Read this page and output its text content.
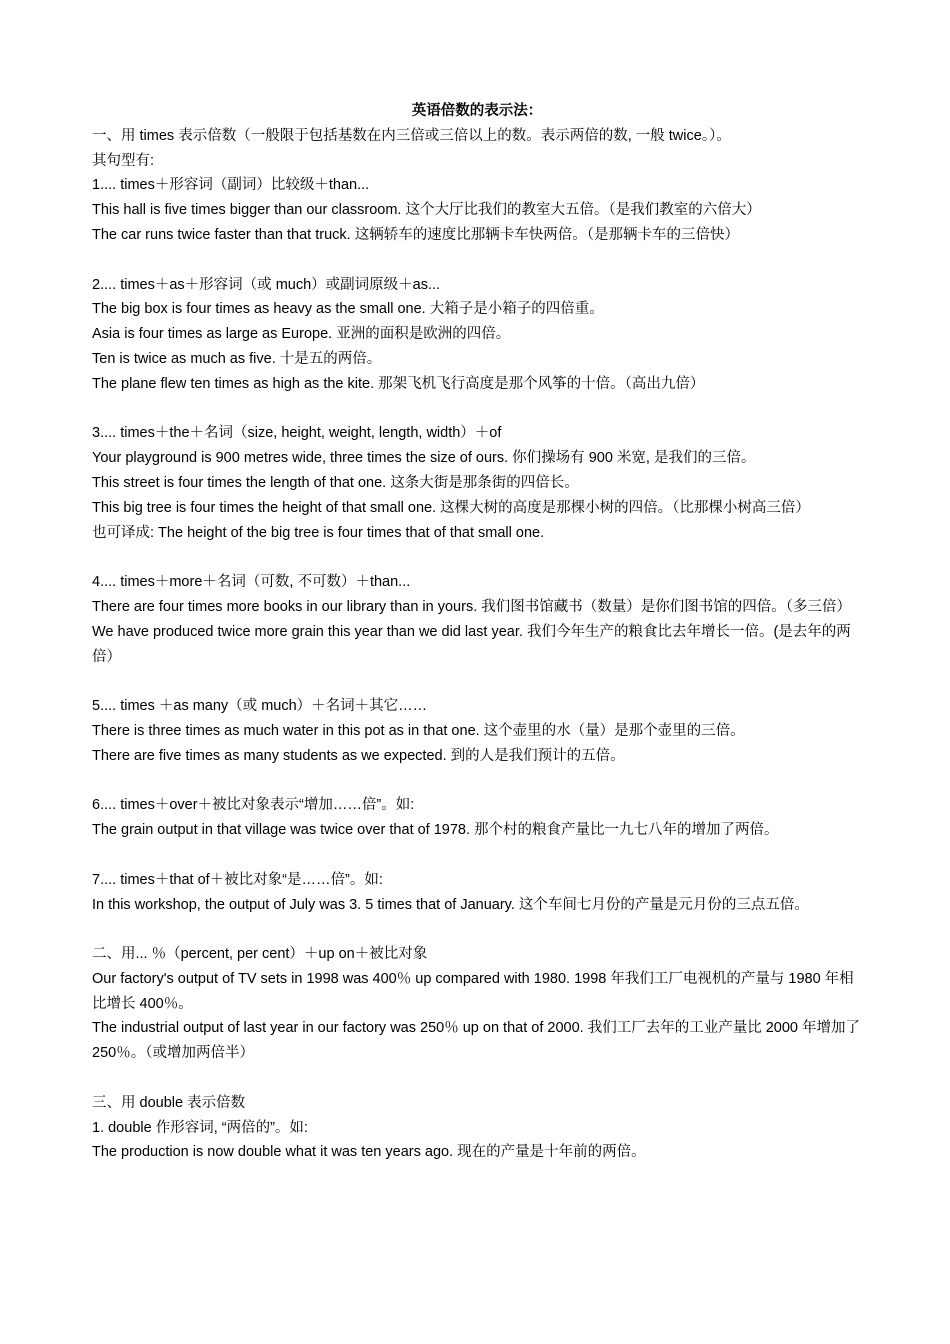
英语倍数的表示法：
一、用 times 表示倍数（一般限于包括基数在内三倍或三倍以上的数。表示两倍的数, 一般 twice。）。
其句型有:
1.... times＋形容词（副词）比较级＋than...
This hall is five times bigger than our classroom. 这个大厅比我们的教室大五倍。（是我们教室的六倍大）
The car runs twice faster than that truck. 这辆轿车的速度比那辆卡车快两倍。（是那辆卡车的三倍快）
2.... times＋as＋形容词（或 much）或副词原级＋as...
The big box is four times as heavy as the small one. 大箱子是小箱子的四倍重。
Asia is four times as large as Europe. 亚洲的面积是欧洲的四倍。
Ten is twice as much as five. 十是五的两倍。
The plane flew ten times as high as the kite. 那架飞机飞行高度是那个风筝的十倍。（高出九倍）
3.... times＋the＋名词（size, height, weight, length, width）＋of
Your playground is 900 metres wide, three times the size of ours. 你们操场有 900 米宽, 是我们的三倍。
This street is four times the length of that one. 这条大街是那条街的四倍长。
This big tree is four times the height of that small one. 这棵大树的高度是那棵小树的四倍。（比那棵小树高三倍）
也可译成: The height of the big tree is four times that of that small one.
4.... times＋more＋名词（可数, 不可数）＋than...
There are four times more books in our library than in yours. 我们图书馆藏书（数量）是你们图书馆的四倍。（多三倍）
We have produced twice more grain this year than we did last year. 我们今年生产的粮食比去年增长一倍。(是去年的两倍）
5.... times ＋as many（或 much）＋名词＋其它……
There is three times as much water in this pot as in that one. 这个壶里的水（量）是那个壶里的三倍。
There are five times as many students as we expected. 到的人是我们预计的五倍。
6.... times＋over＋被比对象表示“增加……倍”。如:
The grain output in that village was twice over that of 1978. 那个村的粮食产量比一九七八年的增加了两倍。
7.... times＋that of＋被比对象“是……倍”。如:
In this workshop, the output of July was 3. 5 times that of January. 这个车间七月份的产量是元月份的三点五倍。
二、用... ％（percent, per cent）＋up on＋被比对象
Our factory's output of TV sets in 1998 was 400％ up compared with 1980. 1998 年我们工厂电视机的产量与 1980 年相比增长 400％。
The industrial output of last year in our factory was 250％ up on that of 2000. 我们工厂去年的工业产量比 2000 年增加了 250％。（或增加两倍半）
三、用 double 表示倍数
1. double 作形容词, “两倍的”。如:
The production is now double what it was ten years ago. 现在的产量是十年前的两倍。
